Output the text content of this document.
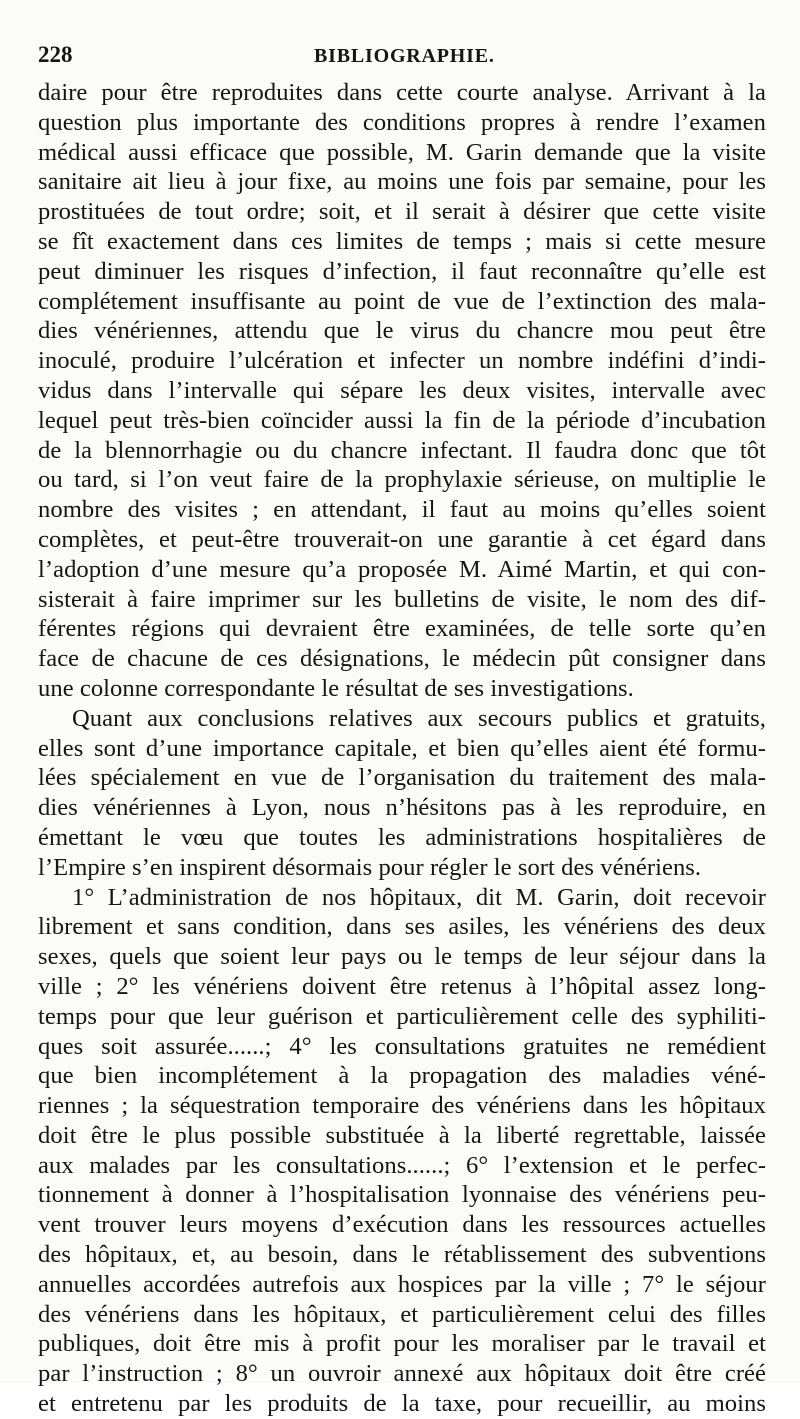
228	BIBLIOGRAPHIE.
daire pour être reproduites dans cette courte analyse. Arrivant à la
question plus importante des conditions propres à rendre l’examen
médical aussi efficace que possible, M. Garin demande que la visite
sanitaire ait lieu à jour fixe, au moins une fois par semaine, pour les
prostituées de tout ordre; soit, et il serait à désirer que cette visite
se fît exactement dans ces limites de temps ; mais si cette mesure
peut diminuer les risques d’infection, il faut reconnaître qu’elle est
complétement insuffisante au point de vue de l’extinction des mala-
dies vénériennes, attendu que le virus du chancre mou peut être
inoculé, produire l’ulcération et infecter un nombre indéfini d’indi-
vidus dans l’intervalle qui sépare les deux visites, intervalle avec
lequel peut très-bien coïncider aussi la fin de la période d’incubation
de la blennorrhagie ou du chancre infectant. Il faudra donc que tôt
ou tard, si l’on veut faire de la prophylaxie sérieuse, on multiplie le
nombre des visites ; en attendant, il faut au moins qu’elles soient
complètes, et peut-être trouverait-on une garantie à cet égard dans
l’adoption d’une mesure qu’a proposée M. Aimé Martin, et qui con-
sisterait à faire imprimer sur les bulletins de visite, le nom des dif-
férentes régions qui devraient être examinées, de telle sorte qu’en
face de chacune de ces désignations, le médecin pût consigner dans
une colonne correspondante le résultat de ses investigations.
Quant aux conclusions relatives aux secours publics et gratuits,
elles sont d’une importance capitale, et bien qu’elles aient été formu-
lées spécialement en vue de l’organisation du traitement des mala-
dies vénériennes à Lyon, nous n’hésitons pas à les reproduire, en
émettant le vœu que toutes les administrations hospitalières de
l’Empire s’en inspirent désormais pour régler le sort des vénériens.
1° L’administration de nos hôpitaux, dit M. Garin, doit recevoir
librement et sans condition, dans ses asiles, les vénériens des deux
sexes, quels que soient leur pays ou le temps de leur séjour dans la
ville ; 2° les vénériens doivent être retenus à l’hôpital assez long-
temps pour que leur guérison et particulièrement celle des syphiliti-
ques soit assurée......; 4° les consultations gratuites ne remédient
que bien incomplétement à la propagation des maladies véné-
riennes ; la séquestration temporaire des vénériens dans les hôpitaux
doit être le plus possible substituée à la liberté regrettable, laissée
aux malades par les consultations......; 6° l’extension et le perfec-
tionnement à donner à l’hospitalisation lyonnaise des vénériens peu-
vent trouver leurs moyens d’exécution dans les ressources actuelles
des hôpitaux, et, au besoin, dans le rétablissement des subventions
annuelles accordées autrefois aux hospices par la ville ; 7° le séjour
des vénériens dans les hôpitaux, et particulièrement celui des filles
publiques, doit être mis à profit pour les moraliser par le travail et
par l’instruction ; 8° un ouvroir annexé aux hôpitaux doit être créé
et entretenu par les produits de la taxe, pour recueillir, au moins
